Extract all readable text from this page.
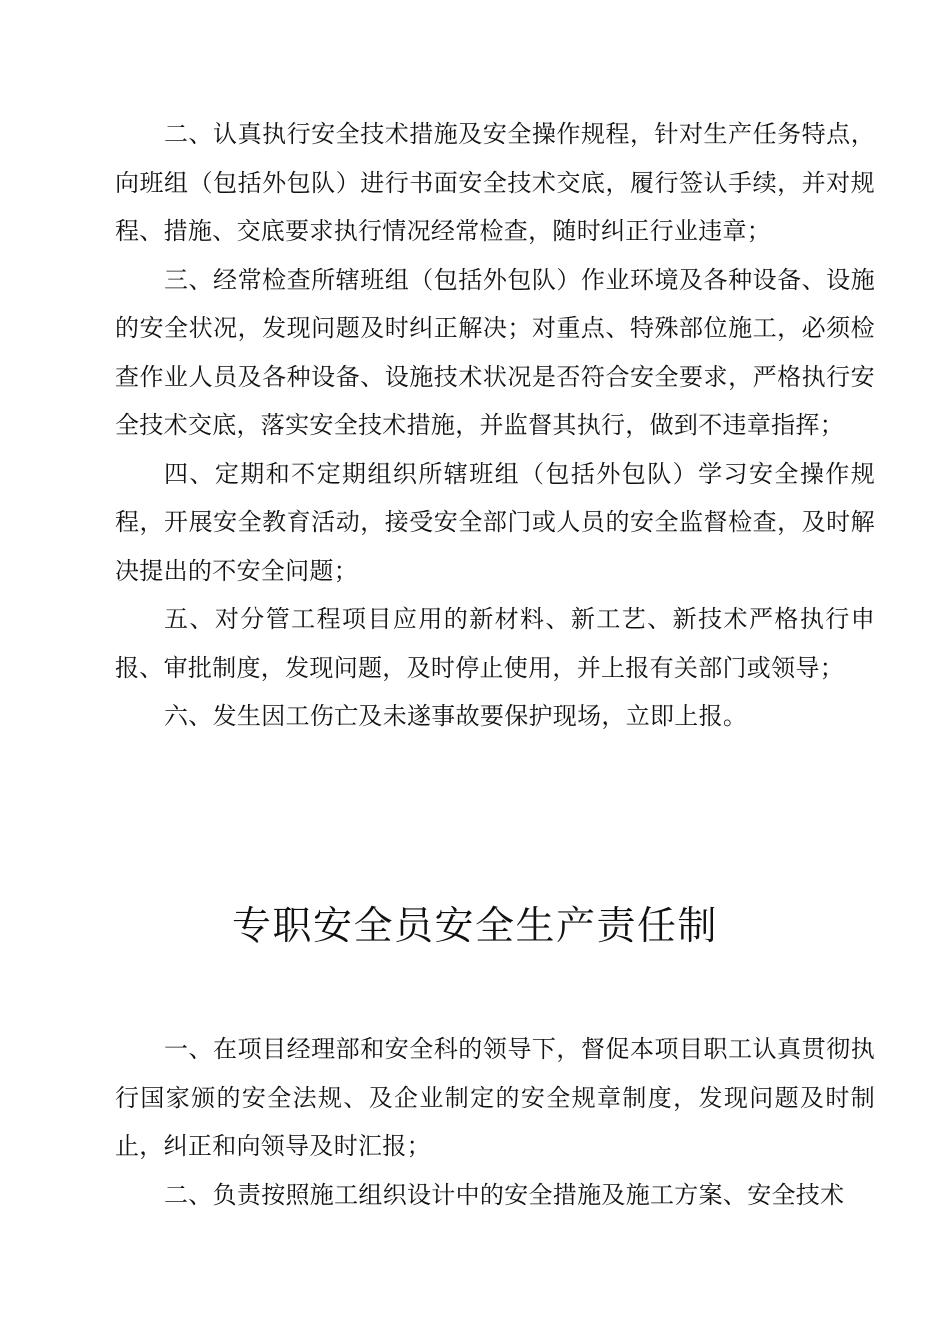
二、认真执行安全技术措施及安全操作规程，针对生产任务特点，向班组（包括外包队）进行书面安全技术交底，履行签认手续，并对规程、措施、交底要求执行情况经常检查，随时纠正行业违章；

三、经常检查所辖班组（包括外包队）作业环境及各种设备、设施的安全状况，发现问题及时纠正解决；对重点、特殊部位施工，必须检查作业人员及各种设备、设施技术状况是否符合安全要求，严格执行安全技术交底，落实安全技术措施，并监督其执行，做到不违章指挥；

四、定期和不定期组织所辖班组（包括外包队）学习安全操作规程，开展安全教育活动，接受安全部门或人员的安全监督检查，及时解决提出的不安全问题；

五、对分管工程项目应用的新材料、新工艺、新技术严格执行申报、审批制度，发现问题，及时停止使用，并上报有关部门或领导；

六、发生因工伤亡及未遂事故要保护现场，立即上报。

专职安全员安全生产责任制

一、在项目经理部和安全科的领导下，督促本项目职工认真贯彻执行国家颁的安全法规、及企业制定的安全规章制度，发现问题及时制止，纠正和向领导及时汇报；

二、负责按照施工组织设计中的安全措施及施工方案、安全技术
